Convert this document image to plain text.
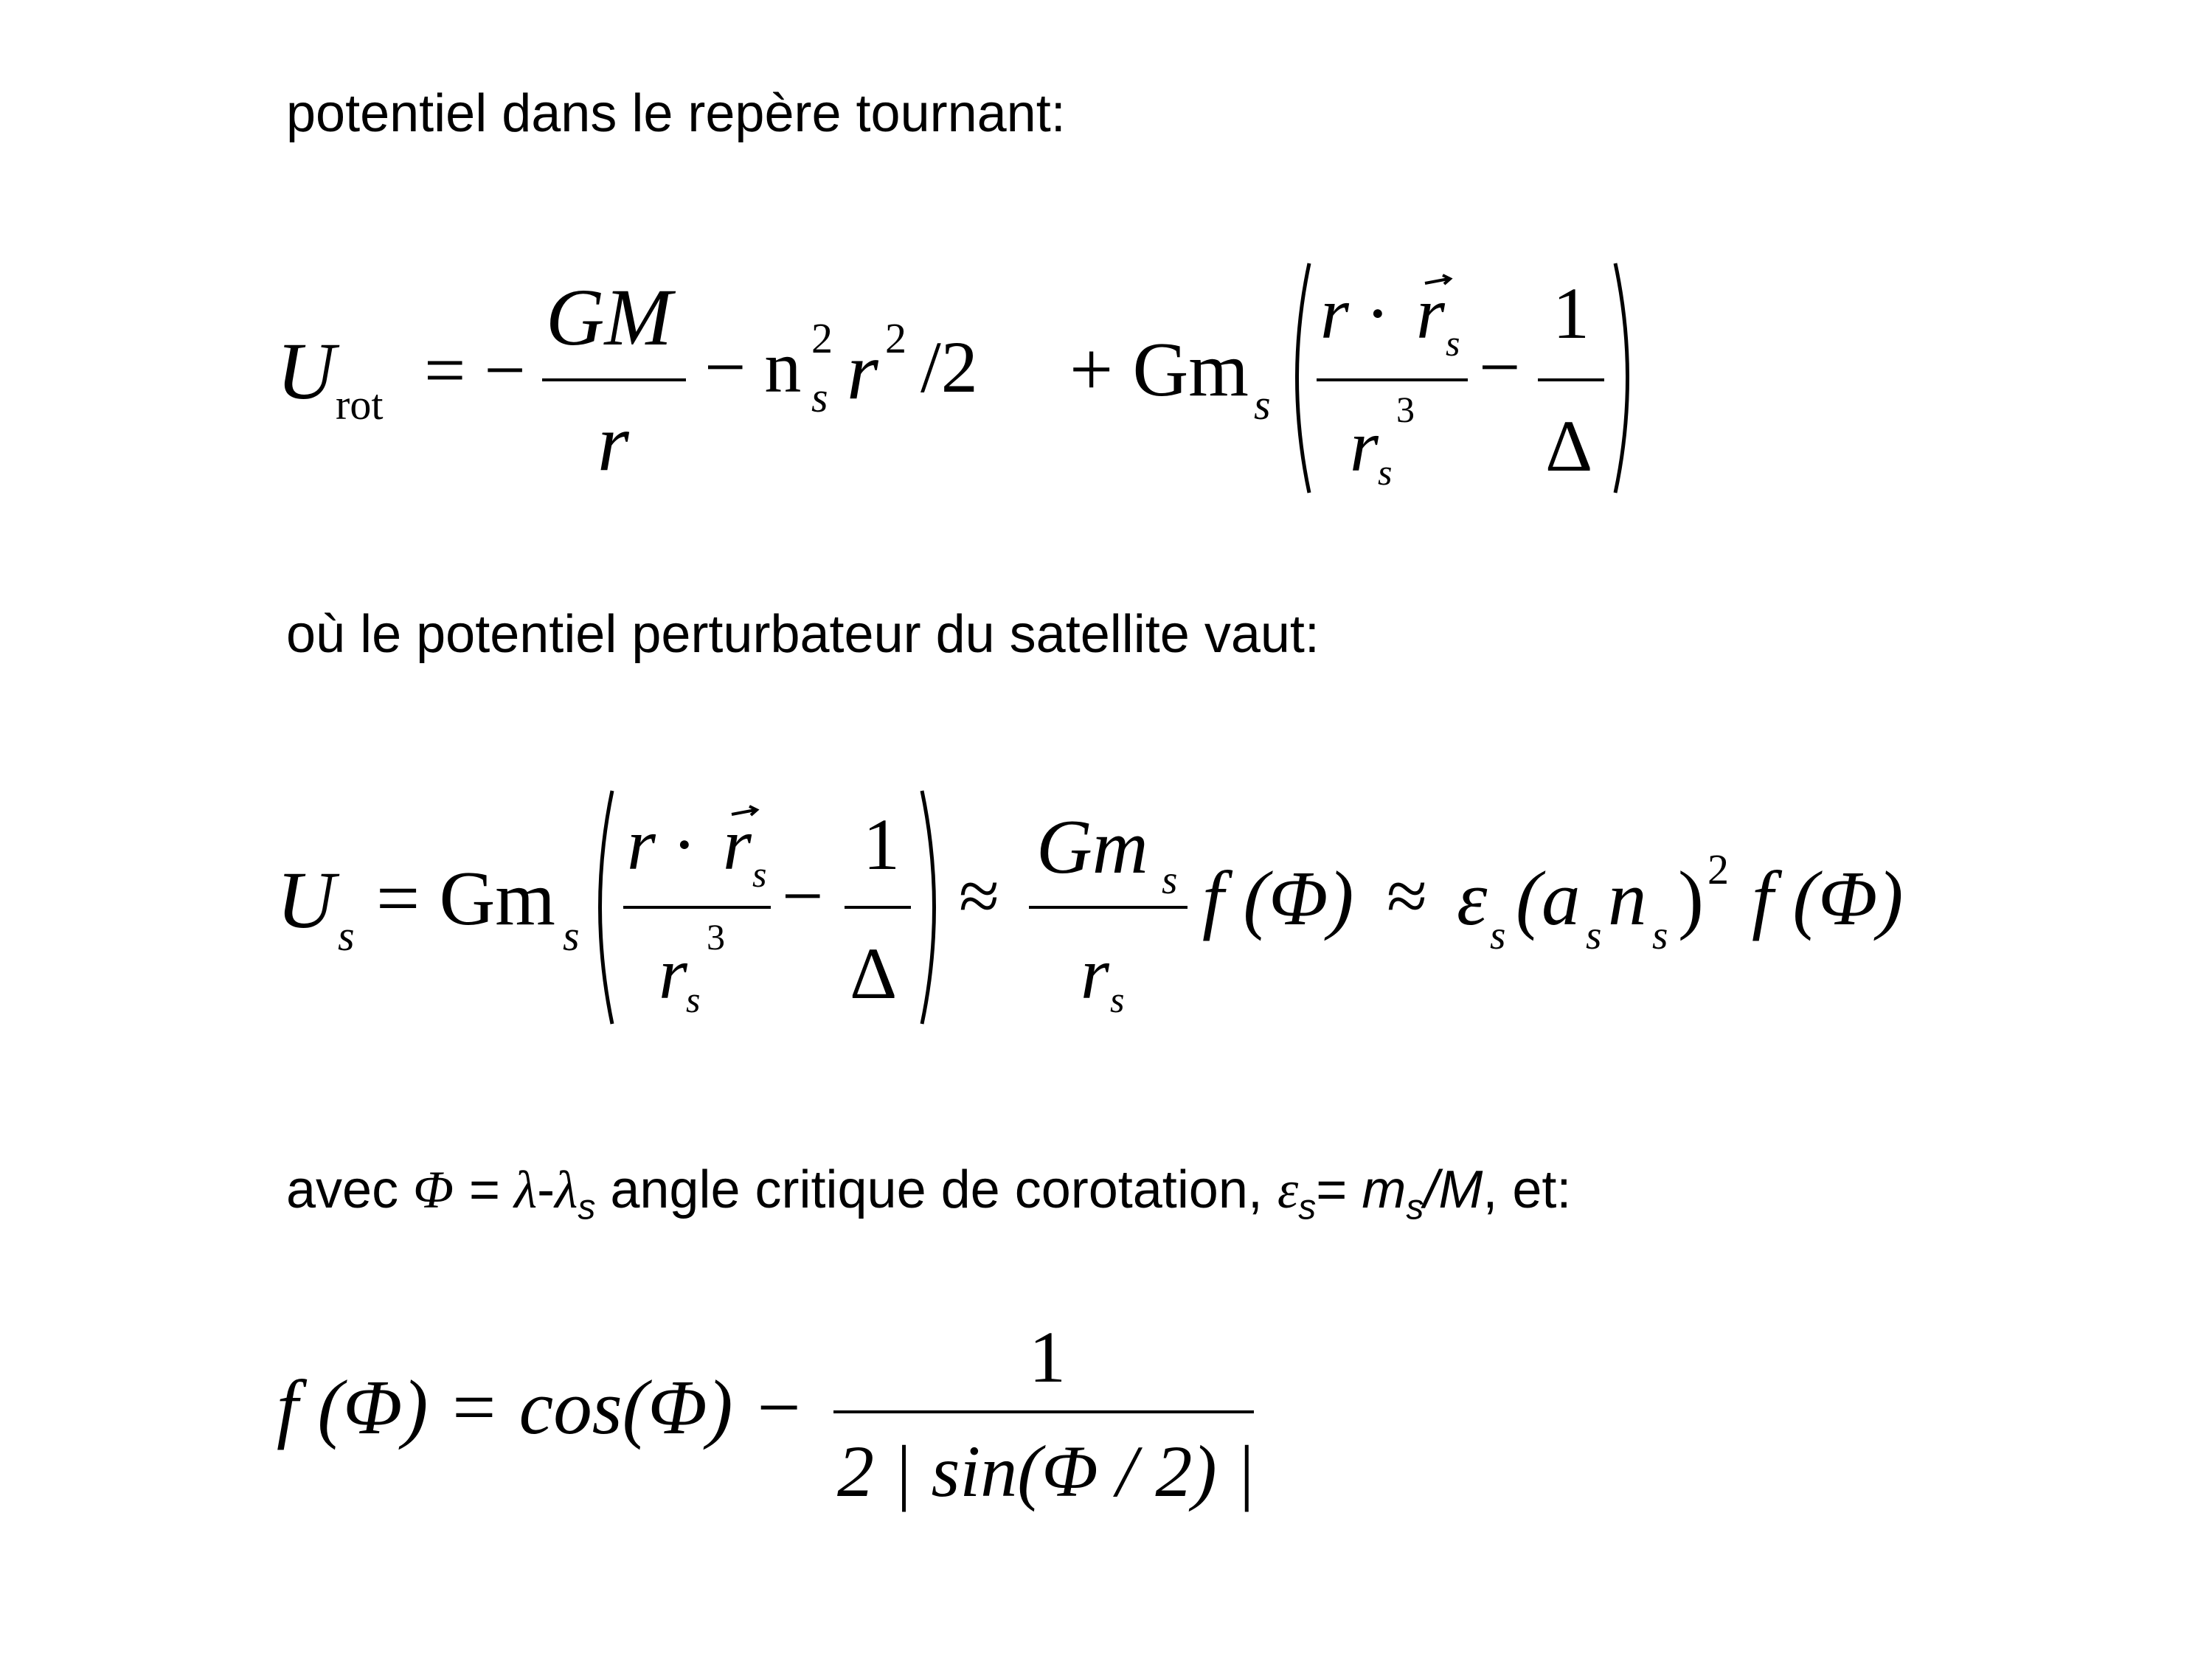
potentiel dans le repère tournant:
où le potentiel perturbateur du satellite vaut:
avec $\Phi = \lambda-\lambda_s$ angle critique de corotation, $\varepsilon_s= m_s/M$, et:
U rot = −
GM
r
− n 2
s r 2 /2 + Gm s
r · r s
r 3
s
−
1
Δ
U s = Gm s
r · r s
r 3
s
−
1
Δ
≈
Gm s
r s
f (Φ) ≈ ε s (a s n s ) 2 f (Φ)
f (Φ) = cos(Φ) −
1
2 | sin(Φ / 2) |
